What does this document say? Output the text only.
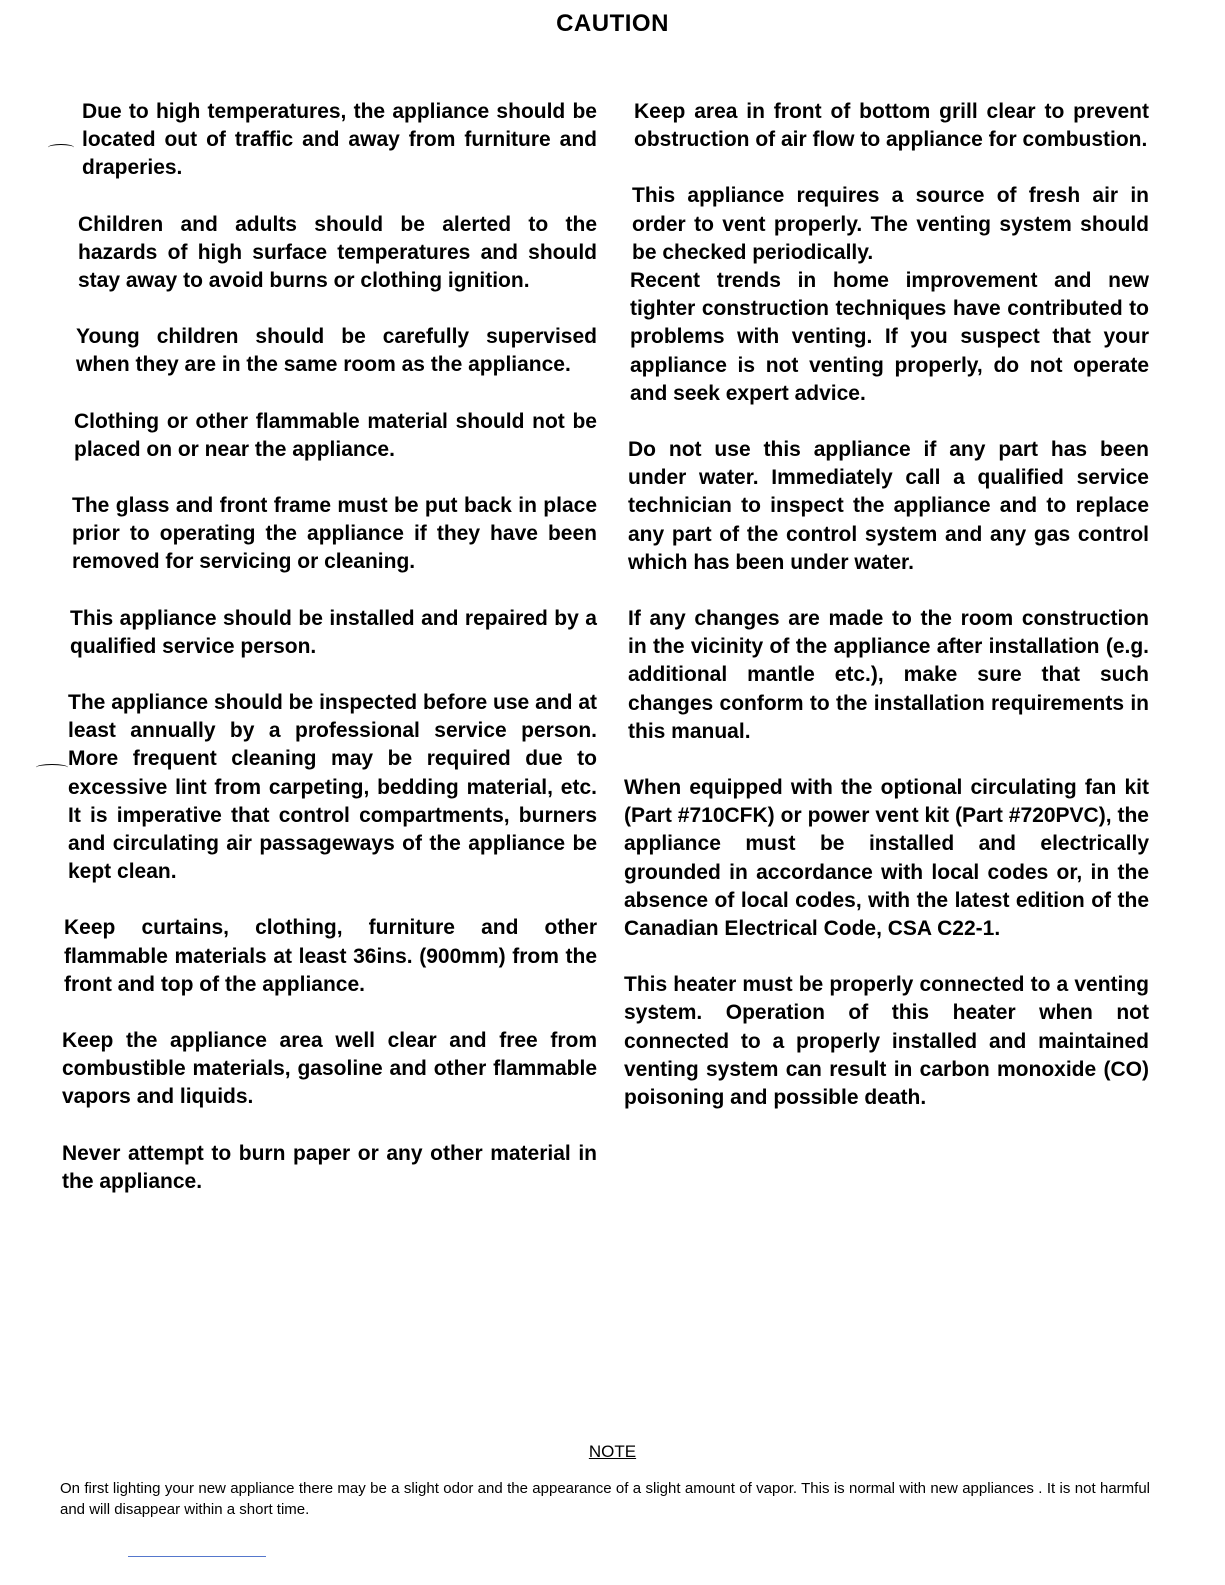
CAUTION

Due to high temperatures, the appliance should be located out of traffic and away from furniture and draperies.

Children and adults should be alerted to the hazards of high surface temperatures and should stay away to avoid burns or clothing ignition.

Young children should be carefully supervised when they are in the same room as the appliance.

Clothing or other flammable material should not be placed on or near the appliance.

The glass and front frame must be put back in place prior to operating the appliance if they have been removed for servicing or cleaning.

This appliance should be installed and repaired by a qualified service person.

The appliance should be inspected before use and at least annually by a professional service person. More frequent cleaning may be required due to excessive lint from carpeting, bedding material, etc. It is imperative that control compartments, burners and circulating air passageways of the appliance be kept clean.

Keep curtains, clothing, furniture and other flammable materials at least 36ins. (900mm) from the front and top of the appliance.

Keep the appliance area well clear and free from combustible materials, gasoline and other flammable vapors and liquids.

Never attempt to burn paper or any other material in the appliance.

Keep area in front of bottom grill clear to prevent obstruction of air flow to appliance for combustion.

This appliance requires a source of fresh air in order to vent properly. The venting system should be checked periodically.

Recent trends in home improvement and new tighter construction techniques have contributed to problems with venting. If you suspect that your appliance is not venting properly, do not operate and seek expert advice.

Do not use this appliance if any part has been under water. Immediately call a qualified service technician to inspect the appliance and to replace any part of the control system and any gas control which has been under water.

If any changes are made to the room construction in the vicinity of the appliance after installation (e.g. additional mantle etc.), make sure that such changes conform to the installation requirements in this manual.

When equipped with the optional circulating fan kit (Part #710CFK) or power vent kit (Part #720PVC), the appliance must be installed and electrically grounded in accordance with local codes or, in the absence of local codes, with the latest edition of the Canadian Electrical Code, CSA C22-1.

This heater must be properly connected to a venting system. Operation of this heater when not connected to a properly installed and maintained venting system can result in carbon monoxide (CO) poisoning and possible death.

NOTE

On first lighting your new appliance there may be a slight odor and the appearance of a slight amount of vapor. This is normal with new appliances . It is not harmful and will disappear within a short time.
